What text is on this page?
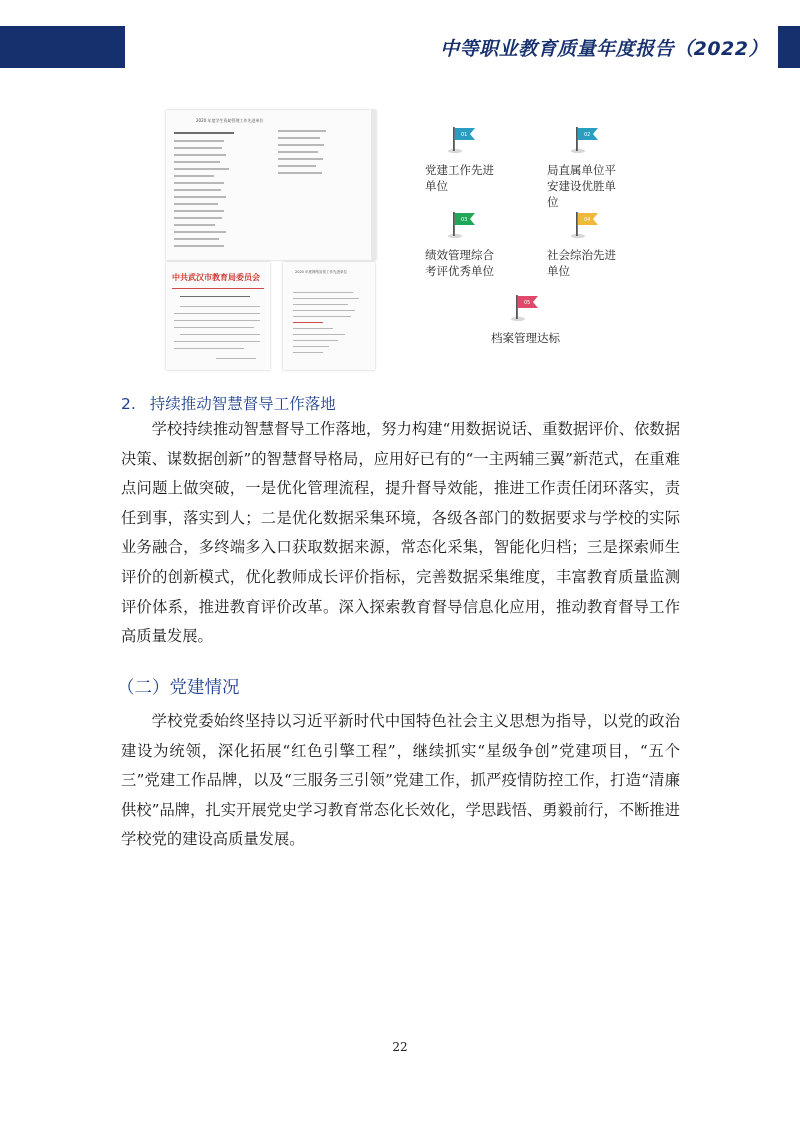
中等职业教育质量年度报告（2022）
2020 年度学生资助管理工作先进单位
中共武汉市教育局委员会	2020 年度网络宣传工作先进单位
01
党建工作先进单位
02
局直属单位平安建设优胜单位
03
绩效管理综合考评优秀单位
04
社会综治先进单位
05
档案管理达标
2. 持续推动智慧督导工作落地

学校持续推动智慧督导工作落地，努力构建“用数据说话、重数据评价、依数据决策、谋数据创新”的智慧督导格局，应用好已有的“一主两辅三翼”新范式，在重难点问题上做突破，一是优化管理流程，提升督导效能，推进工作责任闭环落实，责任到事，落实到人；二是优化数据采集环境，各级各部门的数据要求与学校的实际业务融合，多终端多入口获取数据来源，常态化采集，智能化归档；三是探索师生评价的创新模式，优化教师成长评价指标，完善数据采集维度，丰富教育质量监测评价体系，推进教育评价改革。深入探索教育督导信息化应用，推动教育督导工作高质量发展。

（二）党建情况

学校党委始终坚持以习近平新时代中国特色社会主义思想为指导，以党的政治建设为统领，深化拓展“红色引擎工程”，继续抓实“星级争创”党建项目，“五个三”党建工作品牌，以及“三服务三引领”党建工作，抓严疫情防控工作，打造“清廉供校”品牌，扎实开展党史学习教育常态化长效化，学思践悟、勇毅前行，不断推进学校党的建设高质量发展。

22
